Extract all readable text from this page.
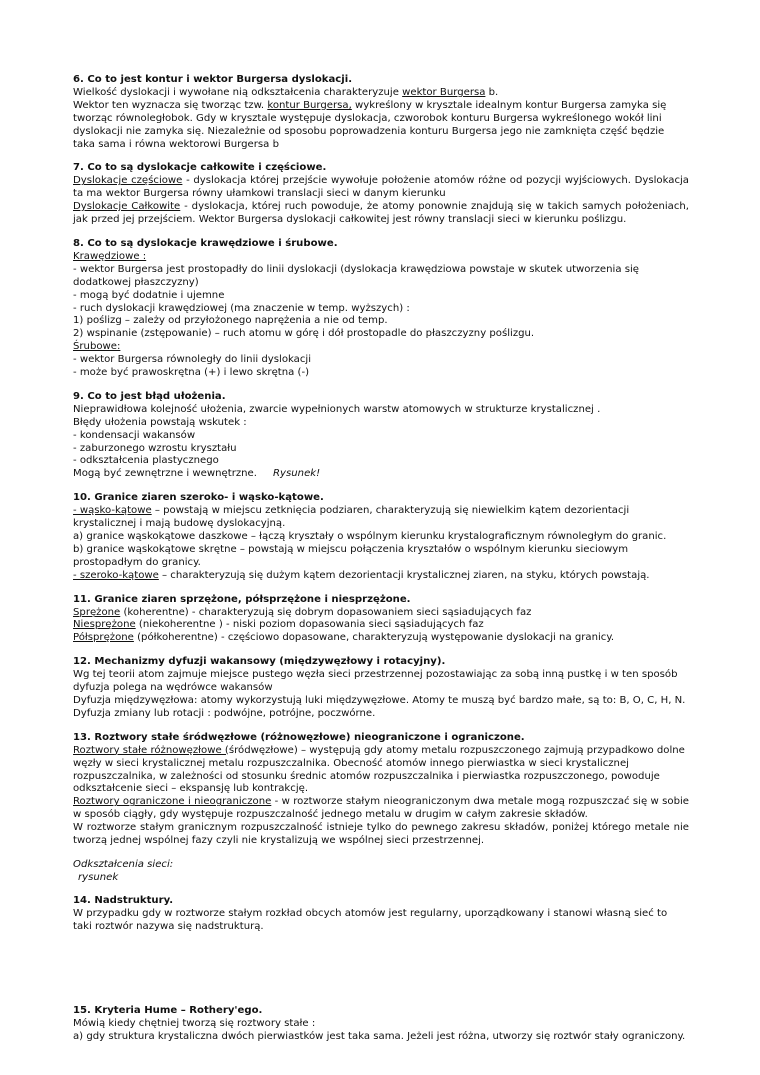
6. Co to jest kontur i wektor Burgersa dyslokacji.

Wielkość dyslokacji i wywołane nią odkształcenia charakteryzuje wektor Burgersa b.

Wektor ten wyznacza się tworząc tzw. kontur Burgersa, wykreślony w krysztale idealnym kontur Burgersa zamyka się tworząc równoległobok. Gdy w krysztale występuje dyslokacja, czworobok konturu Burgersa wykreślonego wokół lini dyslokacji nie zamyka się. Niezależnie od sposobu poprowadzenia konturu Burgersa jego nie zamknięta część będzie taka sama i równa wektorowi Burgersa b

7. Co to są dyslokacje całkowite i częściowe.

Dyslokacje częściowe - dyslokacja której przejście wywołuje położenie atomów różne od pozycji wyjściowych. Dyslokacja ta ma wektor Burgersa równy ułamkowi translacji sieci w danym kierunku

Dyslokacje Całkowite - dyslokacja, której ruch powoduje, że atomy ponownie znajdują się w takich samych położeniach, jak przed jej przejściem. Wektor Burgersa dyslokacji całkowitej jest równy translacji sieci w kierunku poślizgu.

8. Co to są dyslokacje krawędziowe i śrubowe.

Krawędziowe :

- wektor Burgersa jest prostopadły do linii dyslokacji (dyslokacja krawędziowa powstaje w skutek utworzenia się dodatkowej płaszczyzny)

- mogą być dodatnie i ujemne

- ruch dyslokacji krawędziowej (ma znaczenie w temp. wyższych) :

1) poślizg – zależy od przyłożonego naprężenia a nie od temp.

2) wspinanie (zstępowanie) – ruch atomu w górę i dół prostopadle do płaszczyzny poślizgu.

Śrubowe:

- wektor Burgersa równoległy do linii dyslokacji

- może być prawoskrętna (+) i lewo skrętna (-)

9. Co to jest błąd ułożenia.

Nieprawidłowa kolejność ułożenia, zwarcie wypełnionych warstw atomowych w strukturze krystalicznej .

Błędy ułożenia powstają wskutek :

- kondensacji wakansów

- zaburzonego wzrostu kryształu

- odkształcenia plastycznego

Mogą być zewnętrzne i wewnętrzne. Rysunek!

10. Granice ziaren szeroko- i wąsko-kątowe.

- wąsko-kątowe – powstają w miejscu zetknięcia podziaren, charakteryzują się niewielkim kątem dezorientacji krystalicznej i mają budowę dyslokacyjną.

a) granice wąskokątowe daszkowe – łączą kryształy o wspólnym kierunku krystalograficznym równoległym do granic.

b) granice wąskokątowe skrętne – powstają w miejscu połączenia kryształów o wspólnym kierunku sieciowym prostopadłym do granicy.

- szeroko-kątowe – charakteryzują się dużym kątem dezorientacji krystalicznej ziaren, na styku, których powstają.

11. Granice ziaren sprzężone, półsprzężone i niesprzężone.

Sprężone (koherentne) - charakteryzują się dobrym dopasowaniem sieci sąsiadujących faz

Niesprężone (niekoherentne ) - niski poziom dopasowania sieci sąsiadujących faz

Półsprężone (półkoherentne) - częściowo dopasowane, charakteryzują występowanie dyslokacji na granicy.

12. Mechanizmy dyfuzji wakansowy (międzywęzłowy i rotacyjny).

Wg tej teorii atom zajmuje miejsce pustego węzła sieci przestrzennej pozostawiając za sobą inną pustkę i w ten sposób dyfuzja polega na wędrówce wakansów

Dyfuzja międzywęzłowa: atomy wykorzystują luki międzywęzłowe. Atomy te muszą być bardzo małe, są to: B, O, C, H, N.

Dyfuzja zmiany lub rotacji : podwójne, potrójne, poczwórne.

13. Roztwory stałe śródwęzłowe (różnowęzłowe) nieograniczone i ograniczone.

Roztwory stałe różnowęzłowe (śródwęzłowe) – występują gdy atomy metalu rozpuszczonego zajmują przypadkowo dolne węzły w sieci krystalicznej metalu rozpuszczalnika. Obecność atomów innego pierwiastka w sieci krystalicznej rozpuszczalnika, w zależności od stosunku średnic atomów rozpuszczalnika i pierwiastka rozpuszczonego, powoduje odkształcenie sieci – ekspansję lub kontrakcję.

Roztwory ograniczone i nieograniczone - w roztworze stałym nieograniczonym dwa metale mogą rozpuszczać się w sobie w sposób ciągły, gdy występuje rozpuszczalność jednego metalu w drugim w całym zakresie składów.

W roztworze stałym granicznym rozpuszczalność istnieje tylko do pewnego zakresu składów, poniżej którego metale nie tworzą jednej wspólnej fazy czyli nie krystalizują we wspólnej sieci przestrzennej.

Odkształcenia sieci:

rysunek

14. Nadstruktury.

W przypadku gdy w roztworze stałym rozkład obcych atomów jest regularny, uporządkowany i stanowi własną sieć to taki roztwór nazywa się nadstrukturą.

15. Kryteria Hume – Rothery'ego.

Mówią kiedy chętniej tworzą się roztwory stałe :

a) gdy struktura krystaliczna dwóch pierwiastków jest taka sama. Jeżeli jest różna, utworzy się roztwór stały ograniczony.
